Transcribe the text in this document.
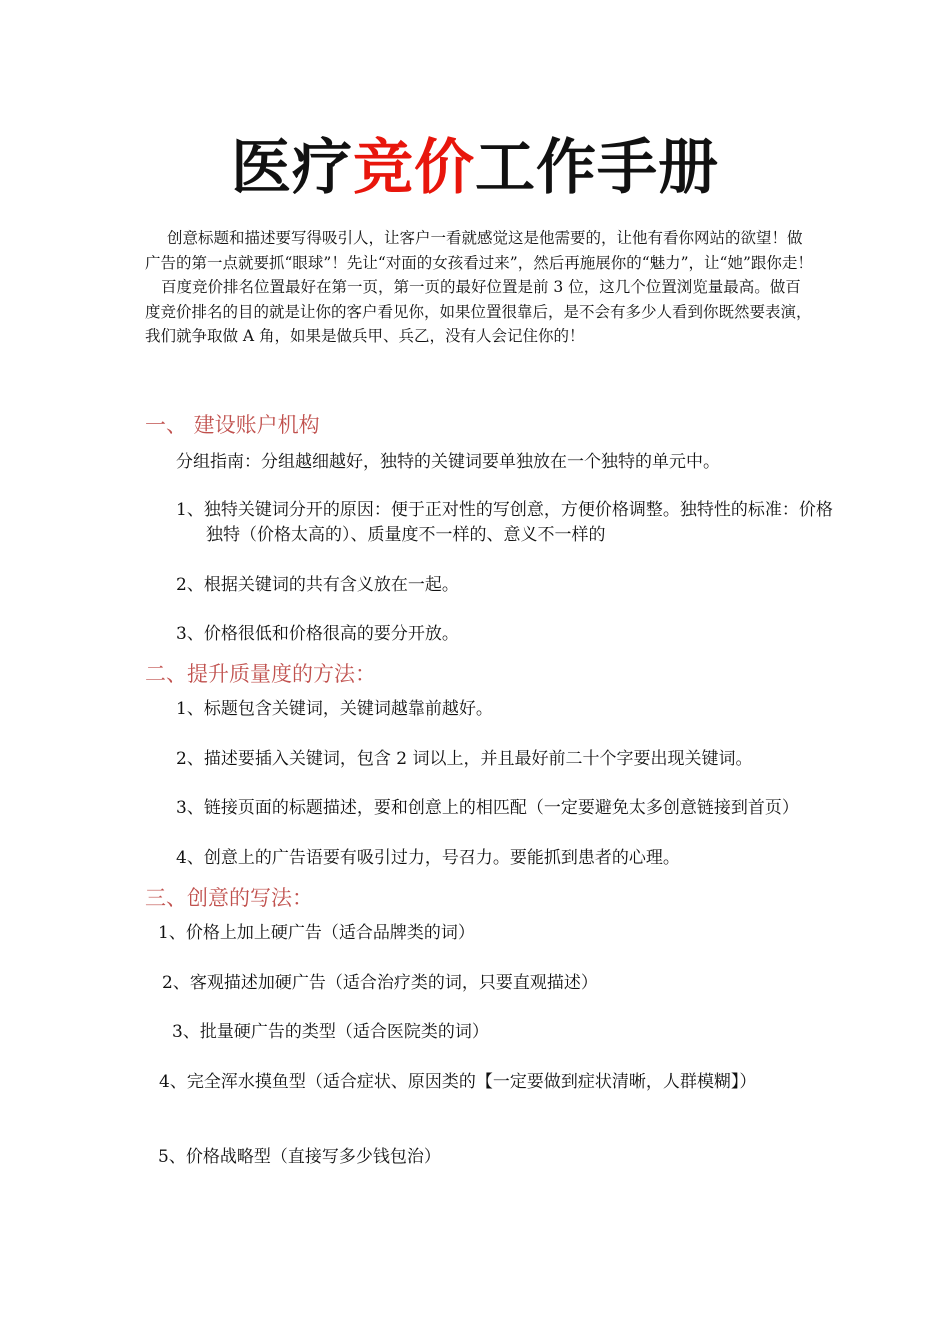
医疗竞价工作手册

创意标题和描述要写得吸引人，让客户一看就感觉这是他需要的，让他有看你网站的欲望！做广告的第一点就要抓“眼球”！先让“对面的女孩看过来”，然后再施展你的“魅力”，让“她”跟你走！

百度竞价排名位置最好在第一页，第一页的最好位置是前 3 位，这几个位置浏览量最高。做百度竞价排名的目的就是让你的客户看见你，如果位置很靠后，是不会有多少人看到你既然要表演，我们就争取做 A 角，如果是做兵甲、兵乙，没有人会记住你的！

一、 建设账户机构

分组指南：分组越细越好，独特的关键词要单独放在一个独特的单元中。

1、独特关键词分开的原因：便于正对性的写创意，方便价格调整。独特性的标准：价格独特（价格太高的）、质量度不一样的、意义不一样的

2、根据关键词的共有含义放在一起。

3、价格很低和价格很高的要分开放。

二、提升质量度的方法：

1、标题包含关键词，关键词越靠前越好。

2、描述要插入关键词，包含 2 词以上，并且最好前二十个字要出现关键词。

3、链接页面的标题描述，要和创意上的相匹配（一定要避免太多创意链接到首页）

4、创意上的广告语要有吸引过力，号召力。要能抓到患者的心理。

三、创意的写法：

1、价格上加上硬广告（适合品牌类的词）

2、客观描述加硬广告（适合治疗类的词，只要直观描述）

3、批量硬广告的类型（适合医院类的词）

4、完全浑水摸鱼型（适合症状、原因类的【一定要做到症状清晰，人群模糊】）

5、价格战略型（直接写多少钱包治）
